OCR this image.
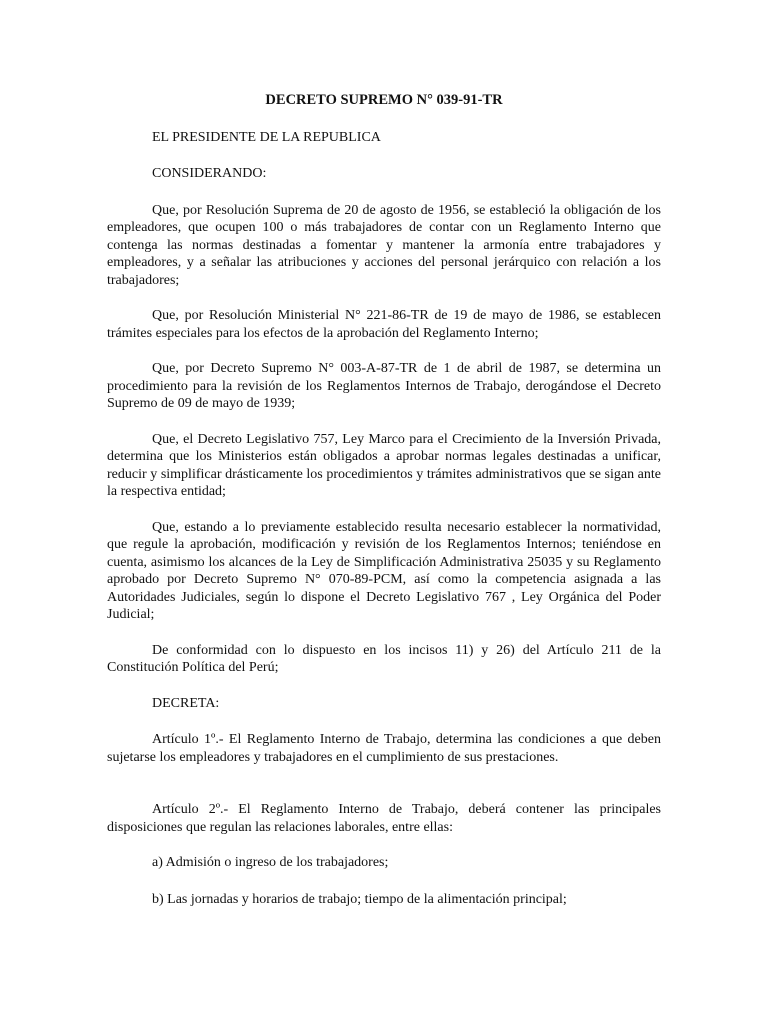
DECRETO SUPREMO N° 039-91-TR
EL PRESIDENTE DE LA REPUBLICA
CONSIDERANDO:

Que, por Resolución Suprema de 20 de agosto de 1956, se estableció la obligación de los empleadores, que ocupen 100 o más trabajadores de contar con un Reglamento Interno que contenga las normas destinadas a fomentar y mantener la armonía entre trabajadores y empleadores, y a señalar las atribuciones y acciones del personal jerárquico con relación a los trabajadores;

Que, por Resolución Ministerial N° 221-86-TR de 19 de mayo de 1986, se establecen trámites especiales para los efectos de la aprobación del Reglamento Interno;

Que, por Decreto Supremo N° 003-A-87-TR de 1 de abril de 1987, se determina un procedimiento para la revisión de los Reglamentos Internos de Trabajo, derogándose el Decreto Supremo de 09 de mayo de 1939;

Que, el Decreto Legislativo 757, Ley Marco para el Crecimiento de la Inversión Privada, determina que los Ministerios están obligados a aprobar normas legales destinadas a unificar, reducir y simplificar drásticamente los procedimientos y trámites administrativos que se sigan ante la respectiva entidad;

Que, estando a lo previamente establecido resulta necesario establecer la normatividad, que regule la aprobación, modificación y revisión de los Reglamentos Internos; teniéndose en cuenta, asimismo los alcances de la Ley de Simplificación Administrativa 25035 y su Reglamento aprobado por Decreto Supremo N° 070-89-PCM, así como la competencia asignada a las Autoridades Judiciales, según lo dispone el Decreto Legislativo 767 , Ley Orgánica del Poder Judicial;

De conformidad con lo dispuesto en los incisos 11) y 26) del Artículo 211 de la Constitución Política del Perú;

DECRETA:

Artículo 1º.- El Reglamento Interno de Trabajo, determina las condiciones a que deben sujetarse los empleadores y trabajadores en el cumplimiento de sus prestaciones.

Artículo 2º.- El Reglamento Interno de Trabajo, deberá contener las principales disposiciones que regulan las relaciones laborales, entre ellas:

a) Admisión o ingreso de los trabajadores;
b) Las jornadas y horarios de trabajo; tiempo de la alimentación principal;
